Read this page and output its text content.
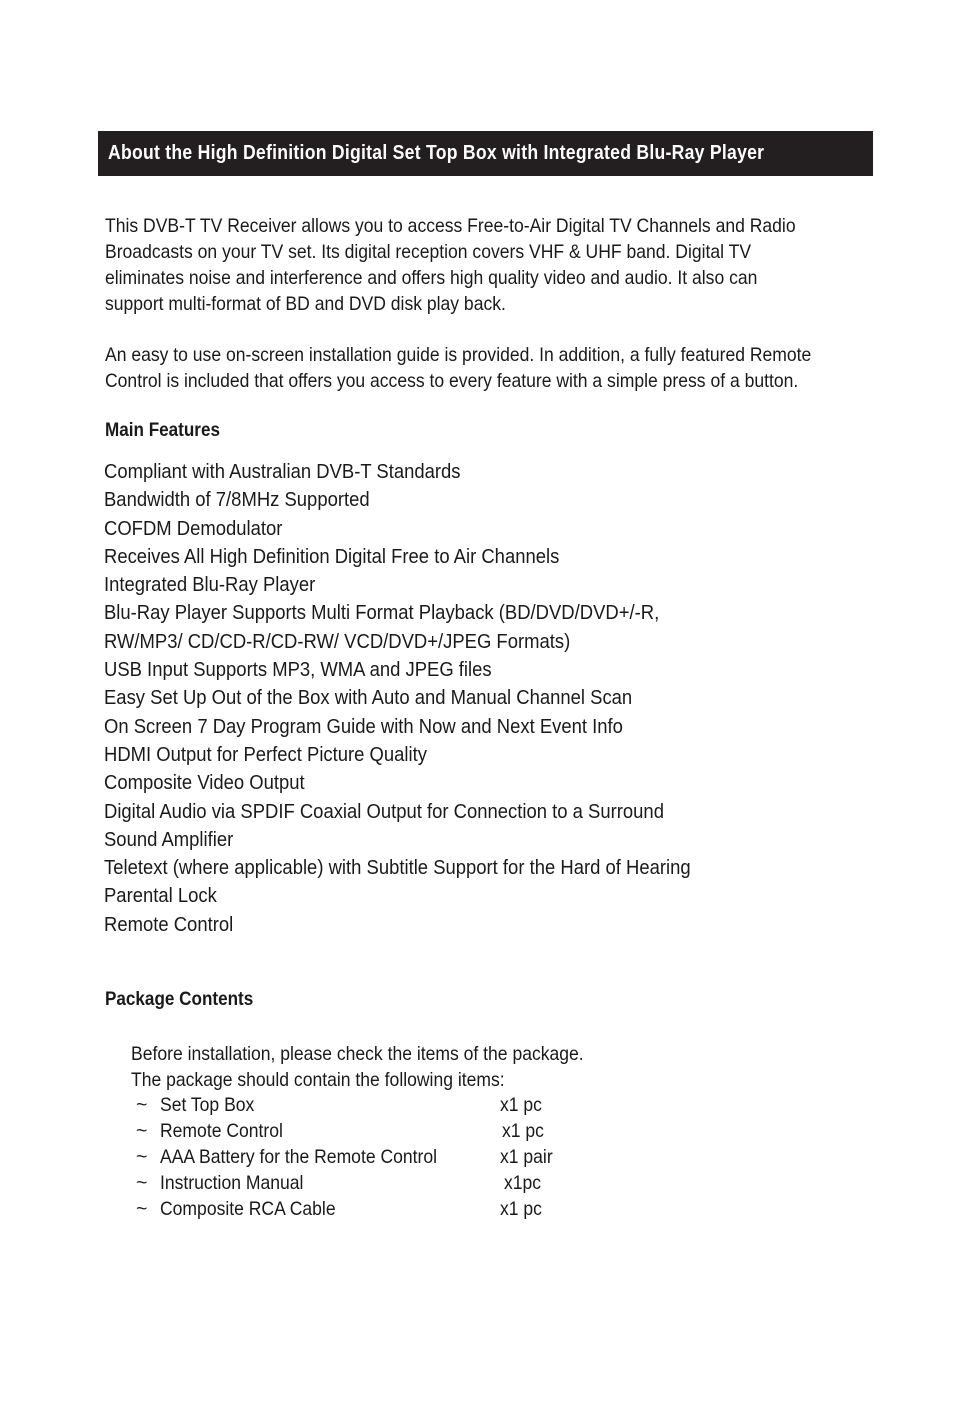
About the High Definition Digital Set Top Box with Integrated Blu-Ray Player
This DVB-T TV Receiver allows you to access Free-to-Air Digital TV Channels and Radio
Broadcasts on your TV set. Its digital reception covers VHF & UHF band. Digital TV
eliminates noise and interference and offers high quality video and audio. It also can
support multi-format of BD and DVD disk play back.
An easy to use on-screen installation guide is provided. In addition, a fully featured Remote
Control is included that offers you access to every feature with a simple press of a button.
Main Features
Compliant with Australian DVB-T Standards
Bandwidth of 7/8MHz Supported
COFDM Demodulator
Receives All High Definition Digital Free to Air Channels
Integrated Blu-Ray Player
Blu-Ray Player Supports Multi Format Playback (BD/DVD/DVD+/-R,
RW/MP3/ CD/CD-R/CD-RW/ VCD/DVD+/JPEG Formats)
USB Input Supports MP3, WMA and JPEG files
Easy Set Up Out of the Box with Auto and Manual Channel Scan
On Screen 7 Day Program Guide with Now and Next Event Info
HDMI Output for Perfect Picture Quality
Composite Video Output
Digital Audio via SPDIF Coaxial Output for Connection to a Surround
Sound Amplifier
Teletext (where applicable) with Subtitle Support for the Hard of Hearing
Parental Lock
Remote Control
Package Contents
Before installation, please check the items of the package.
The package should contain the following items:
~ Set Top Box	x1 pc
~ Remote Control	x1 pc
~ AAA Battery for the Remote Control	x1 pair
~ Instruction Manual	x1pc
~ Composite RCA Cable	x1 pc
